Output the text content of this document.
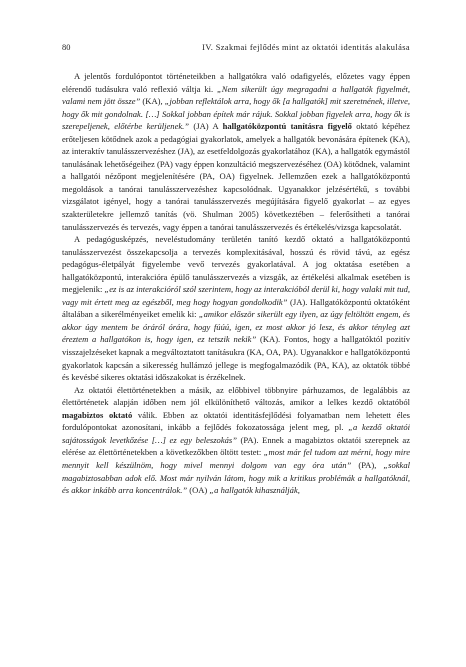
80	IV. Szakmai fejlődés mint az oktatói identitás alakulása

A jelentős fordulópontot történeteikben a hallgatókra való odafigyelés, előzetes vagy éppen elérendő tudásukra való reflexió váltja ki. „Nem sikerült úgy megragadni a hallgatók figyelmét, valami nem jött össze” (KA), „jobban reflektálok arra, hogy ők [a hallgatók] mit szeretnének, illetve, hogy ők mit gondolnak. […] Sokkal jobban építek már rájuk. Sokkal jobban figyelek arra, hogy ők is szerepeljenek, előtérbe kerüljenek.” (JA) A hallgatóközpontú tanításra figyelő oktató képéhez erőteljesen kötődnek azok a pedagógiai gyakorlatok, amelyek a hallgatók bevonására építenek (KA), az interaktív tanulásszervezéshez (JA), az esetfeldolgozás gyakorlatához (KA), a hallgatók egymástól tanulásának lehetőségeihez (PA) vagy éppen konzultáció megszervezéséhez (OA) kötődnek, valamint a hallgatói nézőpont megjelenítésére (PA, OA) figyelnek. Jellemzően ezek a hallgatóközpontú megoldások a tanórai tanulásszervezéshez kapcsolódnak. Ugyanakkor jelzésértékű, s további vizsgálatot igényel, hogy a tanórai tanulásszervezés megújítására figyelő gyakorlat – az egyes szakterületekre jellemző tanítás (vö. Shulman 2005) következtében – felerősítheti a tanórai tanulásszervezés és tervezés, vagy éppen a tanórai tanulásszervezés és értékelés/vizsga kapcsolatát.

A pedagógusképzés, neveléstudomány területén tanító kezdő oktató a hallgatóközpontú tanulásszervezést összekapcsolja a tervezés komplexitásával, hosszú és rövid távú, az egész pedagógus-életpályát figyelembe vevő tervezés gyakorlatával. A jog oktatása esetében a hallgatóközpontú, interakcióra épülő tanulásszervezés a vizsgák, az értékelési alkalmak esetében is megjelenik: „ez is az interakcióról szól szerintem, hogy az interakcióból derül ki, hogy valaki mit tud, vagy mit értett meg az egészből, meg hogy hogyan gondolkodik” (JA). Hallgatóközpontú oktatóként általában a sikerélményeiket emelik ki: „amikor először sikerült egy ilyen, az úgy feltöltött engem, és akkor úgy mentem be óráról órára, hogy fúúú, igen, ez most akkor jó lesz, és akkor tényleg azt éreztem a hallgatókon is, hogy igen, ez tetszik nekik” (KA). Fontos, hogy a hallgatóktól pozitív visszajelzéseket kapnak a megváltoztatott tanításukra (KA, OA, PA). Ugyanakkor e hallgatóközpontú gyakorlatok kapcsán a sikeresség hullámzó jellege is megfogalmazódik (PA, KA), az oktatók többé és kevésbé sikeres oktatási időszakokat is érzékelnek.

Az oktatói élettörténetekben a másik, az előbbivel többnyire párhuzamos, de legalábbis az élettörténetek alapján időben nem jól elkülöníthető változás, amikor a lelkes kezdő oktatóból magabiztos oktató válik. Ebben az oktatói identitásfejlődési folyamatban nem lehetett éles fordulópontokat azonosítani, inkább a fejlődés fokozatossága jelent meg, pl. „a kezdő oktatói sajátosságok levetkőzése […] ez egy beleszokás” (PA). Ennek a magabiztos oktatói szerepnek az elérése az élettörténetekben a következőkben öltött testet: „most már fel tudom azt mérni, hogy mire mennyit kell készülnöm, hogy mivel mennyi dolgom van egy óra után” (PA), „sokkal magabiztosabban adok elő. Most már nyilván látom, hogy mik a kritikus problémák a hallgatóknál, és akkor inkább arra koncentrálok.” (OA) „a hallgatók kihasználják,
